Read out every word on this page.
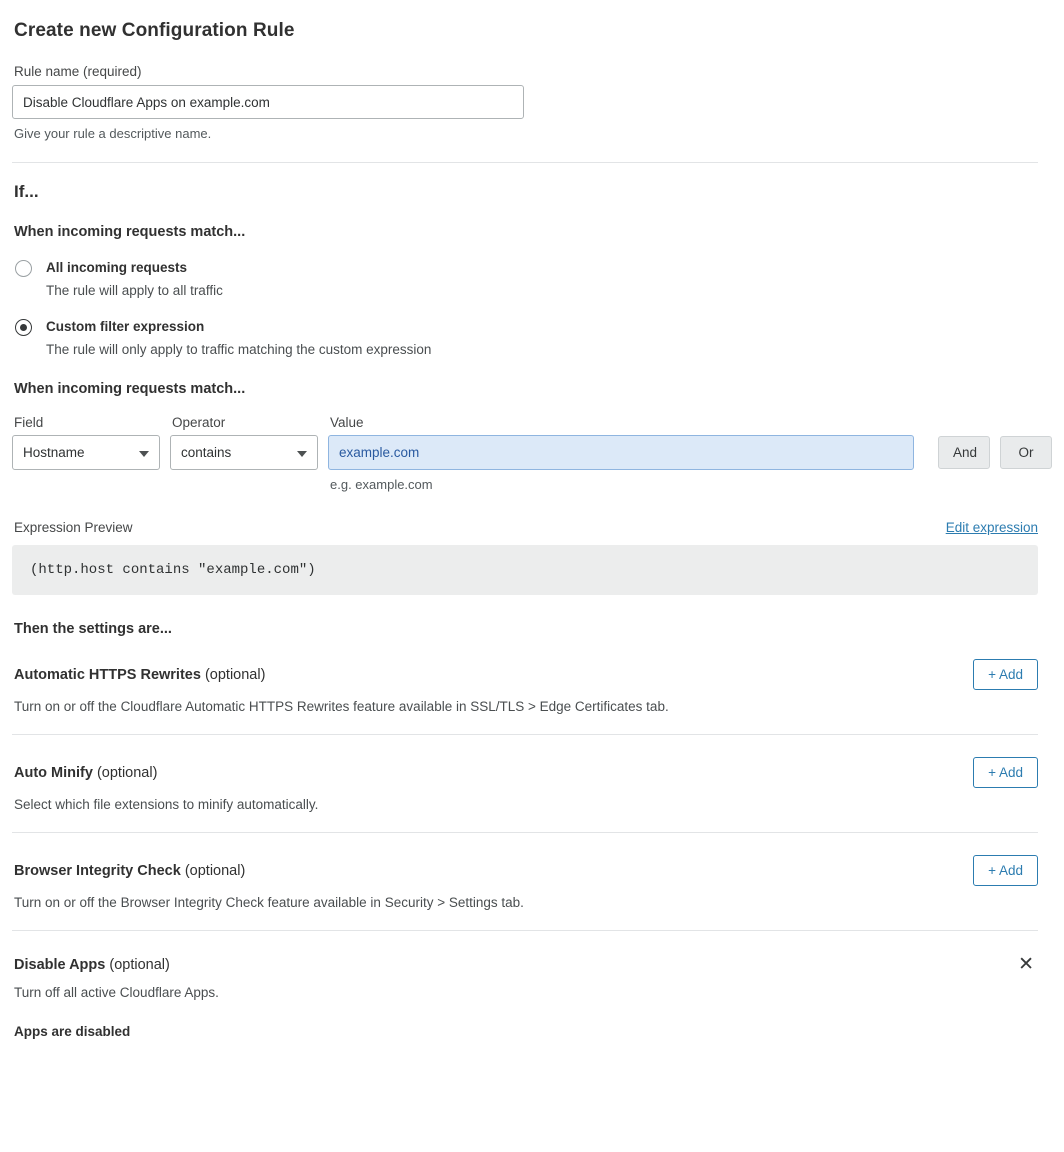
Create new Configuration Rule
Rule name (required)
Disable Cloudflare Apps on example.com
Give your rule a descriptive name.
If...
When incoming requests match...
All incoming requests
The rule will apply to all traffic
Custom filter expression
The rule will only apply to traffic matching the custom expression
When incoming requests match...
Field
Hostname
Operator
contains
Value
example.com
e.g. example.com
And	Or
Expression Preview	Edit expression
(http.host contains "example.com")
Then the settings are...
Automatic HTTPS Rewrites (optional)	+ Add
Turn on or off the Cloudflare Automatic HTTPS Rewrites feature available in SSL/TLS > Edge Certificates tab.
Auto Minify (optional)	+ Add
Select which file extensions to minify automatically.
Browser Integrity Check (optional)	+ Add
Turn on or off the Browser Integrity Check feature available in Security > Settings tab.
Disable Apps (optional)	✕
Turn off all active Cloudflare Apps.
Apps are disabled
